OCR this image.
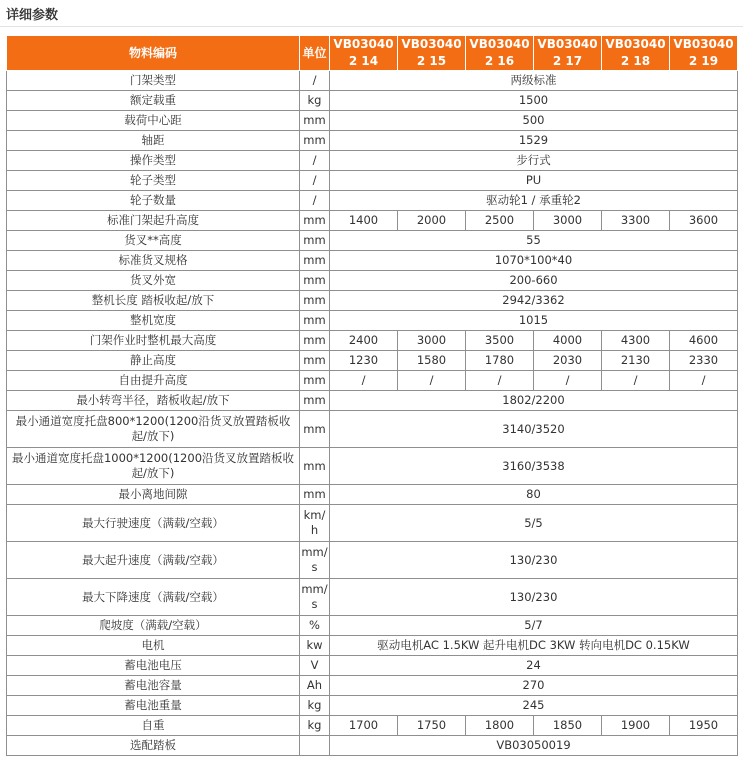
详细参数
物料编码	单位	VB030402 14	VB030402 15	VB030402 16	VB030402 17	VB030402 18	VB030402 19
门架类型	/	两级标准					
额定载重	kg	1500					
载荷中心距	mm	500					
轴距	mm	1529					
操作类型	/	步行式					
轮子类型	/	PU					
轮子数量	/	驱动轮1 / 承重轮2					
标准门架起升高度	mm	1400	2000	2500	3000	3300	3600
货叉**高度	mm	55					
标准货叉规格	mm	1070*100*40					
货叉外宽	mm	200-660					
整机长度 踏板收起/放下	mm	2942/3362					
整机宽度	mm	1015					
门架作业时整机最大高度	mm	2400	3000	3500	4000	4300	4600
静止高度	mm	1230	1580	1780	2030	2130	2330
自由提升高度	mm	/	/	/	/	/	/
最小转弯半径，踏板收起/放下	mm	1802/2200					
最小通道宽度托盘800*1200(1200沿货叉放置踏板收起/放下)	mm	3140/3520					
最小通道宽度托盘1000*1200(1200沿货叉放置踏板收起/放下)	mm	3160/3538					
最小离地间隙	mm	80					
最大行驶速度（满载/空载）	km/h	5/5					
最大起升速度（满载/空载）	mm/s	130/230					
最大下降速度（满载/空载）	mm/s	130/230					
爬坡度（满载/空载）	%	5/7					
电机	kw	驱动电机AC 1.5KW 起升电机DC 3KW 转向电机DC 0.15KW					
蓄电池电压	V	24					
蓄电池容量	Ah	270					
蓄电池重量	kg	245					
自重	kg	1700	1750	1800	1850	1900	1950
选配踏板		VB03050019					
